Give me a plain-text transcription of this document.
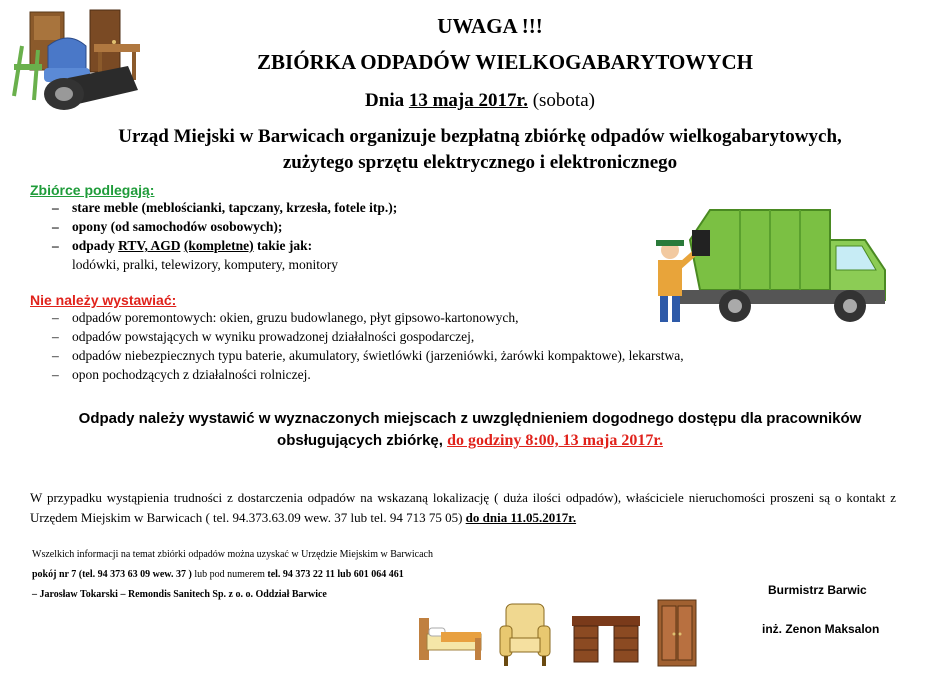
UWAGA !!!
ZBIÓRKA ODPADÓW WIELKOGABARYTOWYCH
Dnia 13 maja 2017r. (sobota)
Urząd Miejski w Barwicach organizuje bezpłatną zbiórkę odpadów wielkogabarytowych,
zużytego sprzętu elektrycznego i elektronicznego
Zbiórce podlegają:
– stare meble (meblościanki, tapczany, krzesła, fotele itp.);
– opony (od samochodów osobowych);
– odpady RTV, AGD (kompletne) takie jak:
lodówki, pralki, telewizory, komputery, monitory
Nie należy wystawiać:
– odpadów poremontowych: okien, gruzu budowlanego, płyt gipsowo-kartonowych,
– odpadów powstających w wyniku prowadzonej działalności gospodarczej,
– odpadów niebezpiecznych typu baterie, akumulatory, świetlówki (jarzeniówki, żarówki kompaktowe), lekarstwa,
– opon pochodzących z działalności rolniczej.
Odpady należy wystawić w wyznaczonych miejscach z uwzględnieniem dogodnego dostępu dla pracowników
obsługujących zbiórkę, do godziny 8:00, 13 maja 2017r.
W przypadku wystąpienia trudności z dostarczenia odpadów na wskazaną lokalizację ( duża ilości odpadów), właściciele nieruchomości proszeni są o kontakt z Urzędem Miejskim w Barwicach ( tel. 94.373.63.09 wew. 37 lub tel. 94 713 75 05) do dnia 11.05.2017r.
Wszelkich informacji na temat zbiórki odpadów można uzyskać w Urzędzie Miejskim w Barwicach
pokój nr 7 (tel. 94 373 63 09 wew. 37 ) lub pod numerem tel. 94 373 22 11 lub 601 064 461
– Jarosław Tokarski – Remondis Sanitech Sp. z o. o. Oddział Barwice	Burmistrz Barwic
inż. Zenon Maksalon
